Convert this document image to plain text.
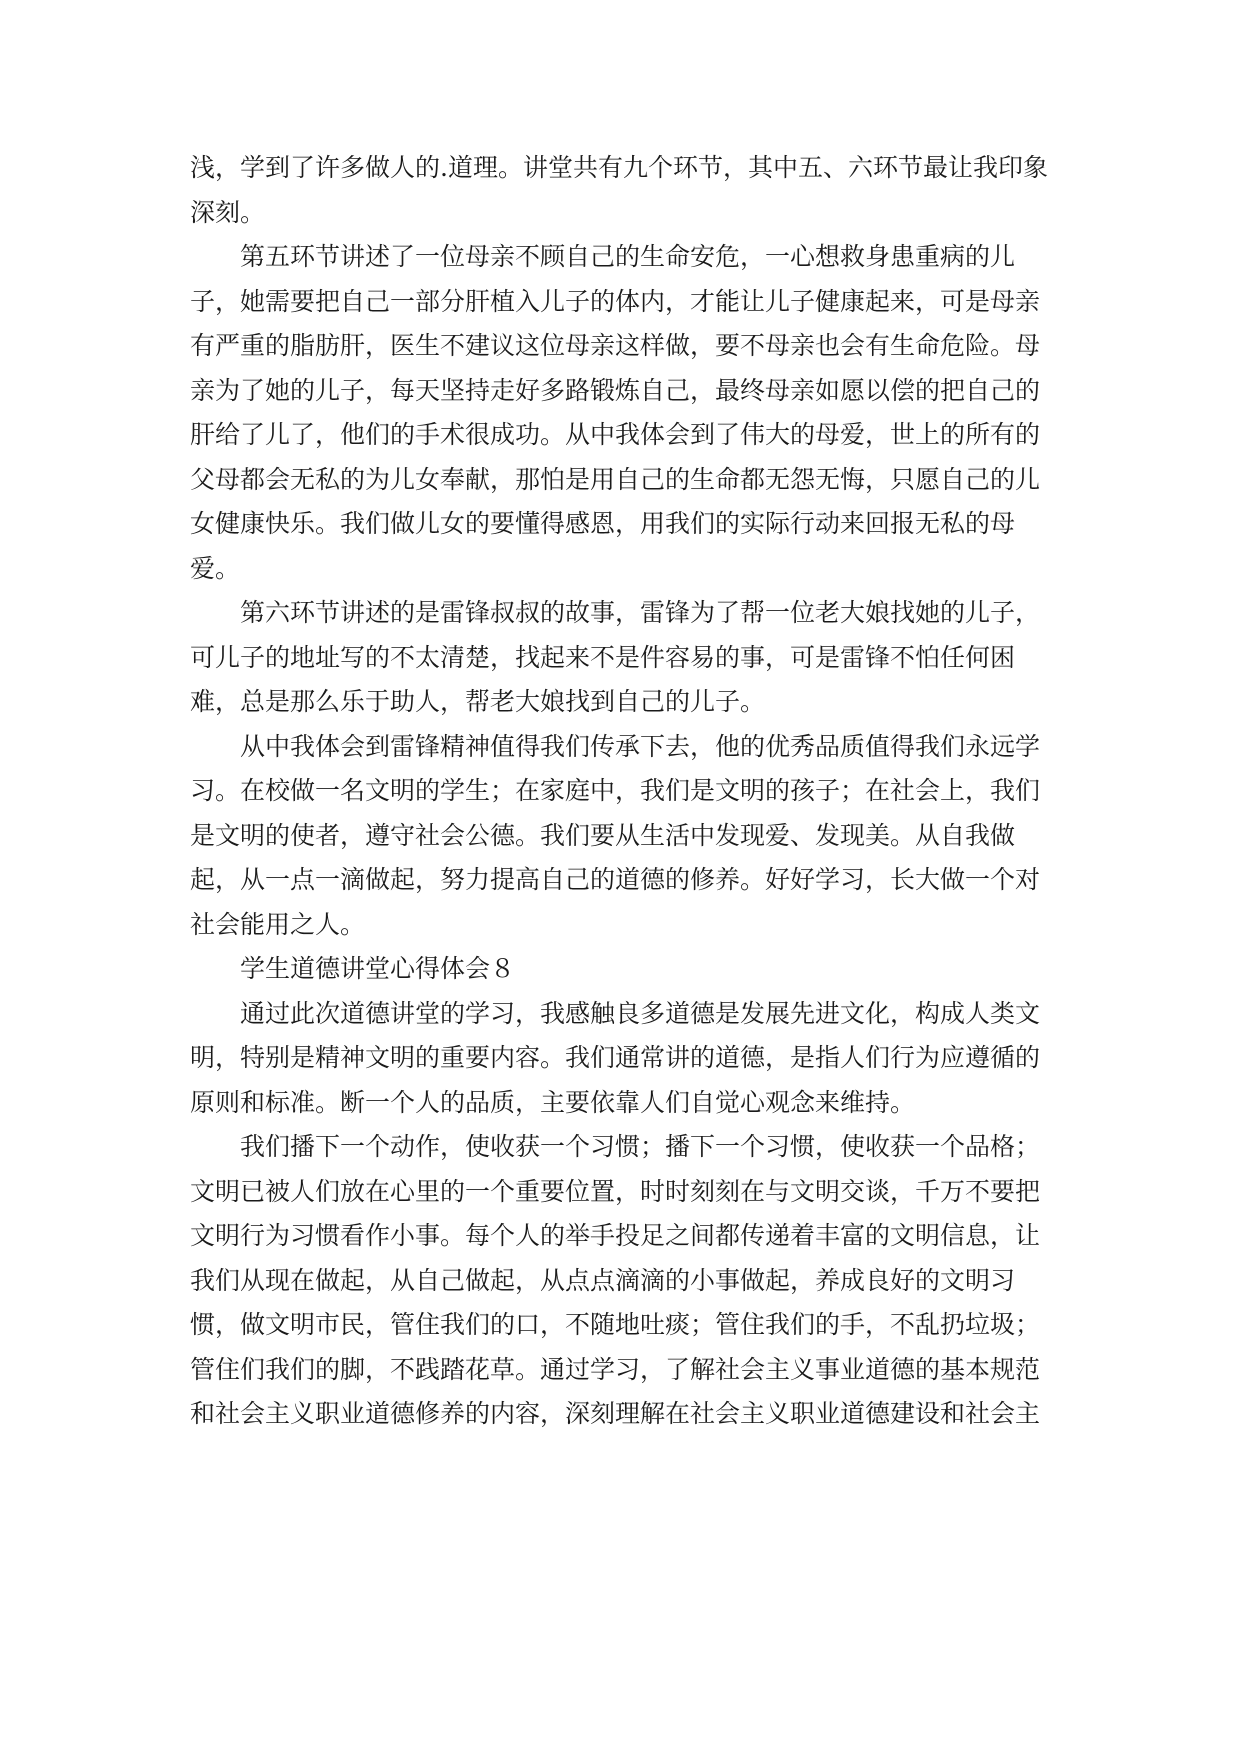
浅，学到了许多做人的.道理。讲堂共有九个环节，其中五、六环节最让我印象
深刻。
第五环节讲述了一位母亲不顾自己的生命安危，一心想救身患重病的儿
子，她需要把自己一部分肝植入儿子的体内，才能让儿子健康起来，可是母亲
有严重的脂肪肝，医生不建议这位母亲这样做，要不母亲也会有生命危险。母
亲为了她的儿子，每天坚持走好多路锻炼自己，最终母亲如愿以偿的把自己的
肝给了儿了，他们的手术很成功。从中我体会到了伟大的母爱，世上的所有的
父母都会无私的为儿女奉献，那怕是用自己的生命都无怨无悔，只愿自己的儿
女健康快乐。我们做儿女的要懂得感恩，用我们的实际行动来回报无私的母
爱。
第六环节讲述的是雷锋叔叔的故事，雷锋为了帮一位老大娘找她的儿子，
可儿子的地址写的不太清楚，找起来不是件容易的事，可是雷锋不怕任何困
难，总是那么乐于助人，帮老大娘找到自己的儿子。
从中我体会到雷锋精神值得我们传承下去，他的优秀品质值得我们永远学
习。在校做一名文明的学生；在家庭中，我们是文明的孩子；在社会上，我们
是文明的使者，遵守社会公德。我们要从生活中发现爱、发现美。从自我做
起，从一点一滴做起，努力提高自己的道德的修养。好好学习，长大做一个对
社会能用之人。
学生道德讲堂心得体会８
通过此次道德讲堂的学习，我感触良多道德是发展先进文化，构成人类文
明，特别是精神文明的重要内容。我们通常讲的道德，是指人们行为应遵循的
原则和标准。断一个人的品质，主要依靠人们自觉心观念来维持。
我们播下一个动作，使收获一个习惯；播下一个习惯，使收获一个品格；
文明已被人们放在心里的一个重要位置，时时刻刻在与文明交谈，千万不要把
文明行为习惯看作小事。每个人的举手投足之间都传递着丰富的文明信息，让
我们从现在做起，从自己做起，从点点滴滴的小事做起，养成良好的文明习
惯，做文明市民，管住我们的口，不随地吐痰；管住我们的手，不乱扔垃圾；
管住们我们的脚，不践踏花草。通过学习，了解社会主义事业道德的基本规范
和社会主义职业道德修养的内容，深刻理解在社会主义职业道德建设和社会主
